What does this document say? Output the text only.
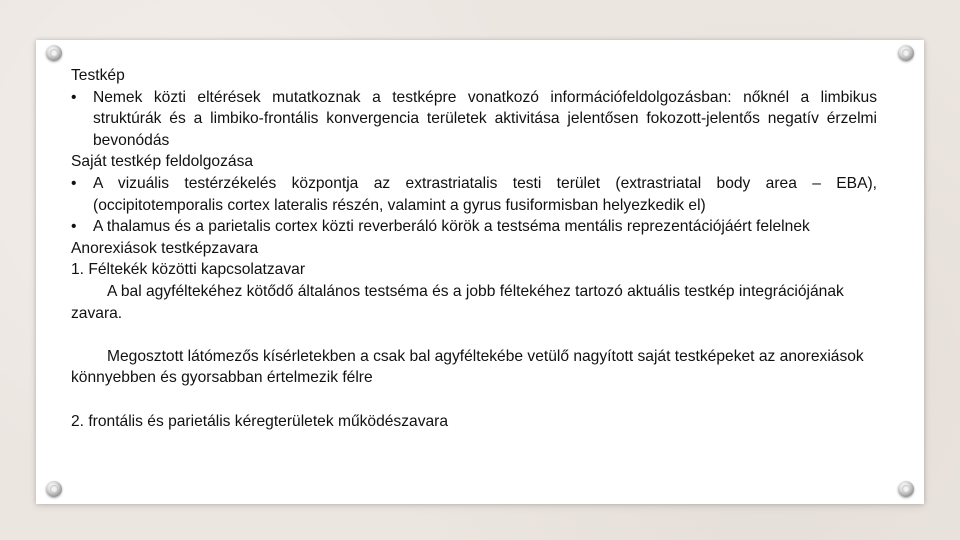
Testkép

•	Nemek közti eltérések mutatkoznak a testképre vonatkozó információfeldolgozásban: nőknél a limbikus struktúrák és a limbiko-frontális konvergencia területek aktivitása jelentősen fokozott-jelentős negatív érzelmi bevonódás

Saját testkép feldolgozása

•	A vizuális testérzékelés központja az extrastriatalis testi terület (extrastriatal body area – EBA), (occipitotemporalis cortex lateralis részén, valamint a gyrus fusiformisban helyezkedik el)
•	A thalamus és a parietalis cortex közti reverberáló körök a testséma mentális reprezentációjáért felelnek

Anorexiások testképzavara

1. Féltekék közötti kapcsolatzavar

A bal agyféltekéhez kötődő általános testséma és a jobb féltekéhez tartozó aktuális testkép integrációjának zavara.

Megosztott látómezős kísérletekben a csak bal agyféltekébe vetülő nagyított saját testképeket az anorexiások könnyebben és gyorsabban értelmezik félre

2. frontális és parietális kéregterületek működészavara
